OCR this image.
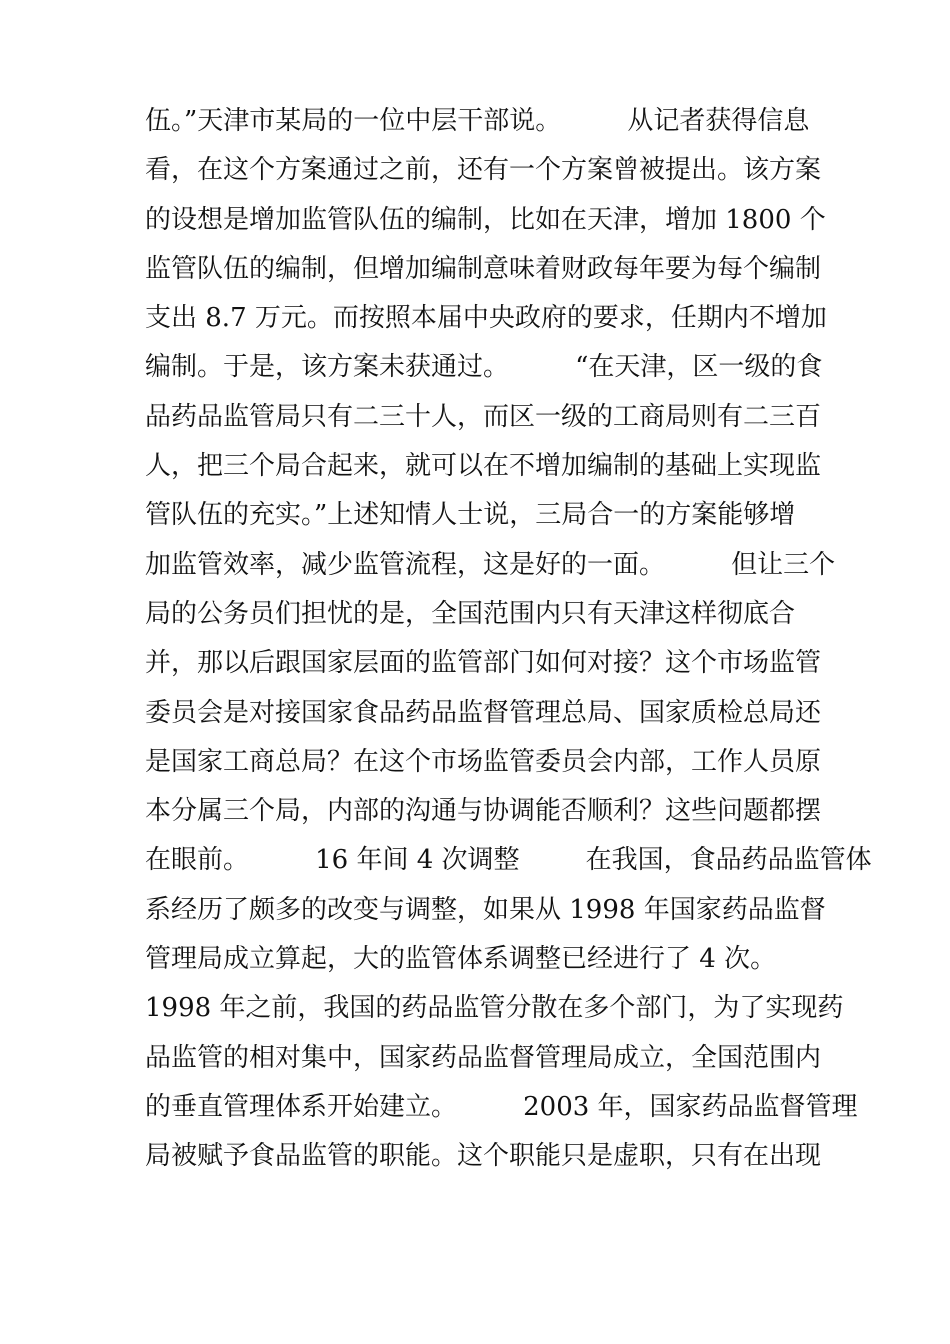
伍。”天津市某局的一位中层干部说。        从记者获得信息
看，在这个方案通过之前，还有一个方案曾被提出。该方案
的设想是增加监管队伍的编制，比如在天津，增加 1800 个
监管队伍的编制，但增加编制意味着财政每年要为每个编制
支出 8.7 万元。而按照本届中央政府的要求，任期内不增加
编制。于是，该方案未获通过。        “在天津，区一级的食
品药品监管局只有二三十人，而区一级的工商局则有二三百
人，把三个局合起来，就可以在不增加编制的基础上实现监
管队伍的充实。”上述知情人士说，三局合一的方案能够增
加监管效率，减少监管流程，这是好的一面。        但让三个
局的公务员们担忧的是，全国范围内只有天津这样彻底合
并，那以后跟国家层面的监管部门如何对接？这个市场监管
委员会是对接国家食品药品监督管理总局、国家质检总局还
是国家工商总局？在这个市场监管委员会内部，工作人员原
本分属三个局，内部的沟通与协调能否顺利？这些问题都摆
在眼前。        16 年间 4 次调整        在我国，食品药品监管体
系经历了颇多的改变与调整，如果从 1998 年国家药品监督
管理局成立算起，大的监管体系调整已经进行了 4 次。
1998 年之前，我国的药品监管分散在多个部门，为了实现药
品监管的相对集中，国家药品监督管理局成立，全国范围内
的垂直管理体系开始建立。        2003 年，国家药品监督管理
局被赋予食品监管的职能。这个职能只是虚职，只有在出现
